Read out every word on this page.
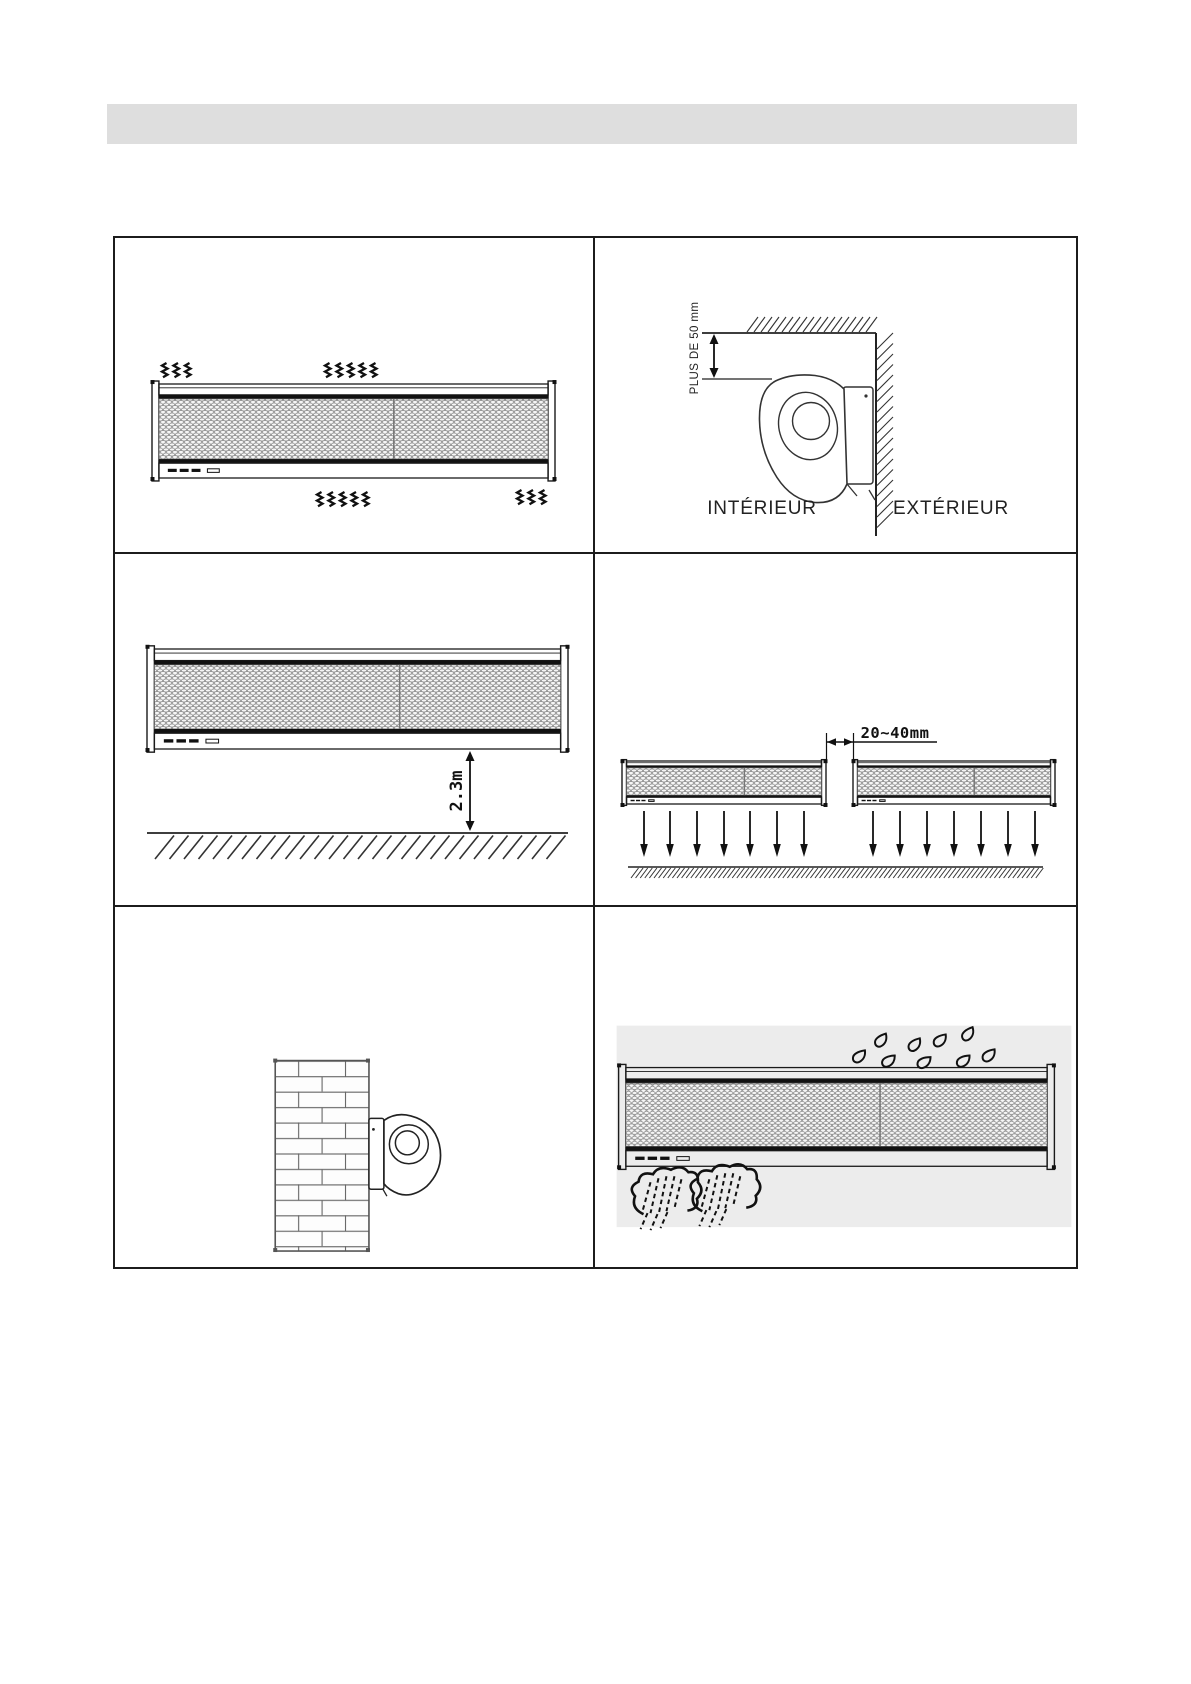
PLUS DE 50 mm
INTÉRIEUR	EXTÉRIEUR
2.3m
20~40mm
